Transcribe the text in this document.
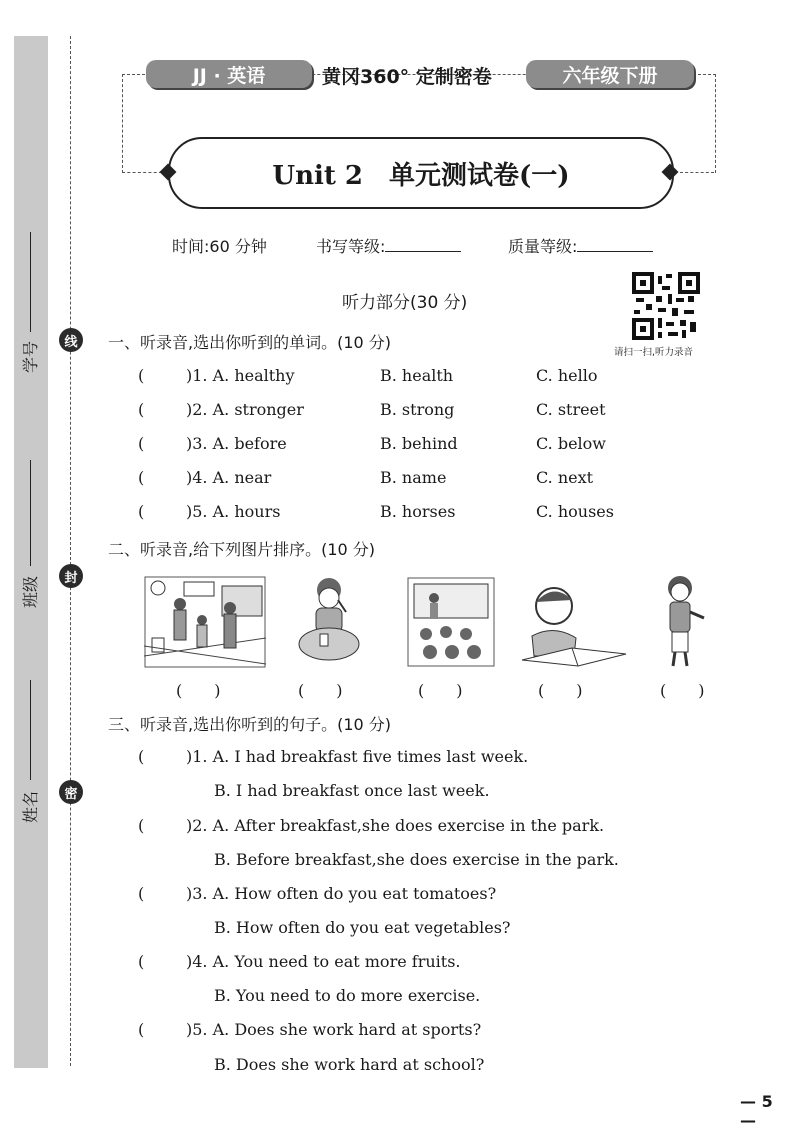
学号
班级
姓名
线
封
密
JJ · 英语	黄冈360° 定制密卷	六年级下册
Unit 2　单元测试卷(一)
时间:60 分钟	书写等级:	质量等级:
听力部分(30 分)
请扫一扫,听力录音
一、听录音,选出你听到的单词。(10 分)
(	)1. A. healthy	B. health	C. hello
(	)2. A. stronger	B. strong	C. street
(	)3. A. before	B. behind	C. below
(	)4. A. near	B. name	C. next
(	)5. A. hours	B. horses	C. houses
二、听录音,给下列图片排序。(10 分)
(　　)	(　　)	(　　)	(　　)	(　　)
三、听录音,选出你听到的句子。(10 分)
(	)1. A. I had breakfast five times last week.
B. I had breakfast once last week.
(	)2. A. After breakfast,she does exercise in the park.
B. Before breakfast,she does exercise in the park.
(	)3. A. How often do you eat tomatoes?
B. How often do you eat vegetables?
(	)4. A. You need to eat more fruits.
B. You need to do more exercise.
(	)5. A. Does she work hard at sports?
B. Does she work hard at school?
— 5 —
